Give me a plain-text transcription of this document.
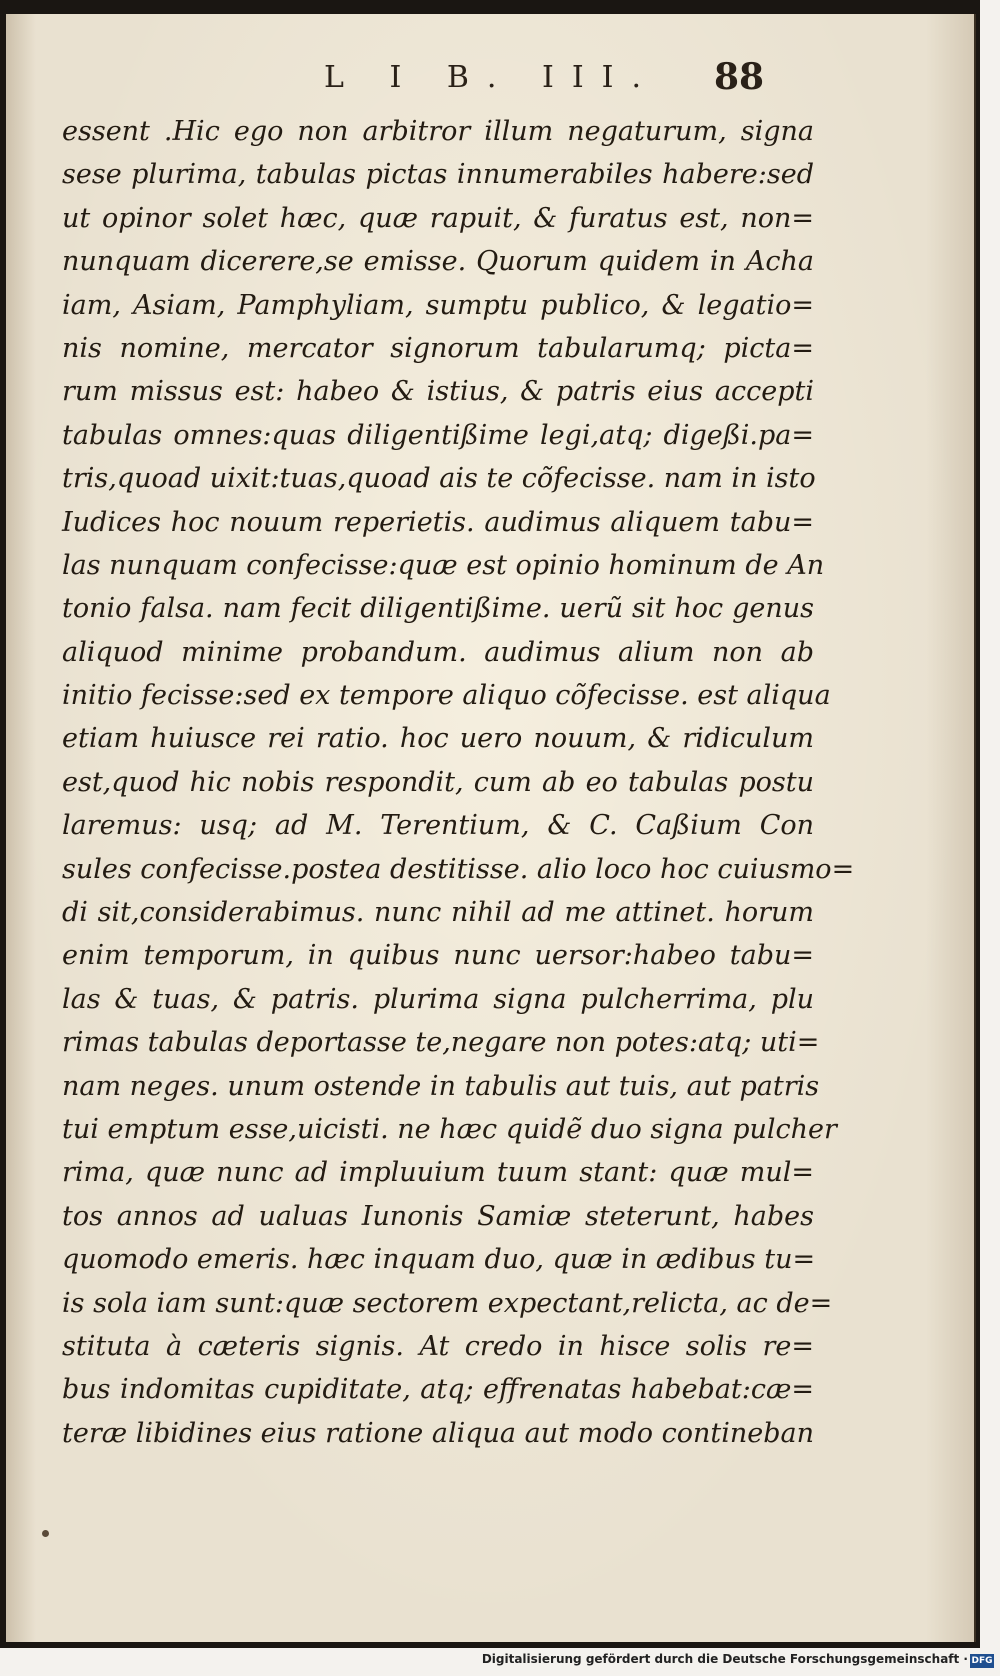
L I B. III. 88
essent .Hic ego non arbitror illum negaturum, signa
sese plurima, tabulas pictas innumerabiles habere:sed
ut opinor solet hæc, quæ rapuit, & furatus est, non=
nunquam dicerere,se emisse. Quorum quidem in Acha
iam, Asiam, Pamphyliam, sumptu publico, & legatio=
nis nomine, mercator signorum tabularumq; picta=
rum missus est: habeo & istius, & patris eius accepti
tabulas omnes:quas diligentißime legi,atq; digeßi.pa=
tris,quoad uixit:tuas,quoad ais te cõfecisse. nam in isto
Iudices hoc nouum reperietis. audimus aliquem tabu=
las nunquam confecisse:quæ est opinio hominum de An
tonio falsa. nam fecit diligentißime. uerũ sit hoc genus
aliquod minime probandum. audimus alium non ab
initio fecisse:sed ex tempore aliquo cõfecisse. est aliqua
etiam huiusce rei ratio. hoc uero nouum, & ridiculum
est,quod hic nobis respondit, cum ab eo tabulas postu
laremus: usq; ad M. Terentium, & C. Caßium Con
sules confecisse.postea destitisse. alio loco hoc cuiusmo=
di sit,considerabimus. nunc nihil ad me attinet. horum
enim temporum, in quibus nunc uersor:habeo tabu=
las & tuas, & patris. plurima signa pulcherrima, plu
rimas tabulas deportasse te,negare non potes:atq; uti=
nam neges. unum ostende in tabulis aut tuis, aut patris
tui emptum esse,uicisti. ne hæc quidẽ duo signa pulcher
rima, quæ nunc ad impluuium tuum stant: quæ mul=
tos annos ad ualuas Iunonis Samiæ steterunt, habes
quomodo emeris. hæc inquam duo, quæ in ædibus tu=
is sola iam sunt:quæ sectorem expectant,relicta, ac de=
stituta à cæteris signis. At credo in hisce solis re=
bus indomitas cupiditate, atq; effrenatas habebat:cæ=
teræ libidines eius ratione aliqua aut modo contineban
Digitalisierung gefördert durch die Deutsche Forschungsgemeinschaft · DFG
